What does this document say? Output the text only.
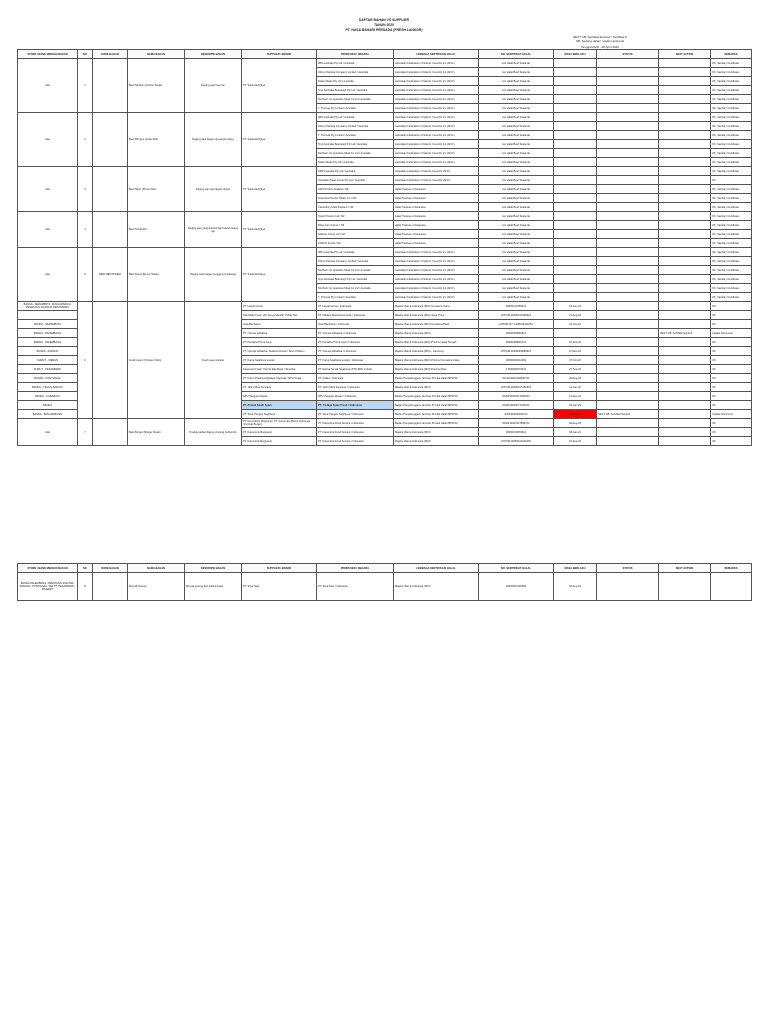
DAFTAR BAHAN VS SUPPLIER
TAHUN 2020
PT. NUSA BAHARI PERSADA (FRESH LANKOR)
NEXT CB: Sertifikat Expired / Sertifikat 5
SB: Sedang dalam / dalam approval
Tanggal Refill : 28 April 2020
STORE / BANK MENGGUNAKAN	NO	KODE BAHAN	NAMA BAHAN	DESKRIPSI BAHAN	SUPPLIER / BRAND	PRODUSEN / NEGARA	LEMBAGA SERTIFIKASI HALAL	NO. SERTIFIKAT HALAL	MASA BERLAKU	STATUS	NEXT ACTION	REMARKS
Ada	1		Beef Striploin (Frozen Steak)	Daging sapi has luar	PT. Sukanda Djaya	JBS Australia Pty Ltd / Australia	Australian Federation of Islamic Councils Inc (AFIC)	List Halal Beef Sukanda				OK, Sanitary Certificate
						Kilcoy Pastoral Company Limited / Australia	Australian Federation of Islamic Councils Inc (AFIC)	List Halal Beef Sukanda				OK, Sanitary Certificate
						Nolan Meats Pty Ltd / Australia	Australian Federation of Islamic Councils Inc (AFIC)	List Halal Beef Sukanda				OK, Sanitary Certificate
						Teys Australia Beenleigh Pty Ltd / Australia	Australian Federation of Islamic Councils Inc (AFIC)	List Halal Beef Sukanda				OK, Sanitary Certificate
						Northern Co-operative Meat Co Ltd / Australia	Australian Federation of Islamic Councils Inc (AFIC)	List Halal Beef Sukanda				OK, Sanitary Certificate
						T. Thomas Pty Limited / Australia	Australian Federation of Islamic Councils Inc (AFIC)	List Halal Beef Sukanda				OK, Sanitary Certificate
Ada	2		Beef Rib Eye (Cube Roll)	Daging sapi bagian iga tanpa tulang	PT. Sukanda Djaya	JBS Australia Pty Ltd / Australia	Australian Federation of Islamic Councils Inc (AFIC)	List Halal Beef Sukanda				OK, Sanitary Certificate
						Kilcoy Pastoral Company Limited / Australia	Australian Federation of Islamic Councils Inc (AFIC)	List Halal Beef Sukanda				OK, Sanitary Certificate
						T. Thomas Pty Limited / Australia	Australian Federation of Islamic Councils Inc (AFIC)	List Halal Beef Sukanda				OK, Sanitary Certificate
						Teys Australia Beenleigh Pty Ltd / Australia	Australian Federation of Islamic Councils Inc (AFIC)	List Halal Beef Sukanda				OK, Sanitary Certificate
						Northern Co-operative Meat Co Ltd / Australia	Australian Federation of Islamic Councils Inc (AFIC)	List Halal Beef Sukanda				OK, Sanitary Certificate
						Nolan Meats Pty Ltd / Australia	Australian Federation of Islamic Councils Inc (AFIC)	List Halal Beef Sukanda				OK, Sanitary Certificate
Ada	3		Beef Short (Prime) Ribs	Daging sapi iga bagian depan	PT. Sukanda Djaya	AMP Australia Pty Ltd / Australia	Australian Federation of Islamic Councils (AFIC)	List Halal Beef Sukanda				OK, Sanitary Certificate
						Australian Meat Group Pty Ltd / Australia	Australian Federation of Islamic Councils (AFIC)	List Halal Beef Sukanda				OK
						AFFCO New Zealand / NZ	Halal Trustees of Aotearoa	List Halal Beef Sukanda				OK, Sanitary Certificate
						Greenlea Premier Meats Co / NZ	Halal Trustees of Aotearoa	List Halal Beef Sukanda				OK, Sanitary Certificate
						Canterbury Meat Packers / NZ	Halal Trustees of Aotearoa	List Halal Beef Sukanda				OK, Sanitary Certificate
Ada	4		Beef Tenderloin	Daging sapi yang diambil dari bawah tulang iga	PT. Sukanda Djaya	Taylor Preston Ltd / NZ	Halal Trustees of Aotearoa	List Halal Beef Sukanda				OK, Sanitary Certificate
						Silver Fern Farms / NZ	Halal Trustees of Aotearoa	List Halal Beef Sukanda				OK, Sanitary Certificate
						Alliance Group Ltd / NZ	Halal Trustees of Aotearoa	List Halal Beef Sukanda				OK, Sanitary Certificate
						ANZCO Foods / NZ	Halal Trustees of Aotearoa	List Halal Beef Sukanda				OK, Sanitary Certificate
Ada	5	NEW MENTIONED	Beef Rump (Rump Steak)	Daging sapi bagian punggung belakang	PT. Sukanda Djaya	JBS Australia Pty Ltd / Australia	Australian Federation of Islamic Councils Inc (AFIC)	List Halal Beef Sukanda				OK, Sanitary Certificate
						Kilcoy Pastoral Company Limited / Australia	Australian Federation of Islamic Councils Inc (AFIC)	List Halal Beef Sukanda				OK, Sanitary Certificate
						Northern Co-operative Meat Co Ltd / Australia	Australian Federation of Islamic Councils Inc (AFIC)	List Halal Beef Sukanda				OK, Sanitary Certificate
						Teys Australia Beenleigh Pty Ltd / Australia	Australian Federation of Islamic Councils Inc (AFIC)	List Halal Beef Sukanda				OK, Sanitary Certificate
						Northern Co-operative Meat Co Ltd / Australia	Australian Federation of Islamic Councils Inc (AFIC)	List Halal Beef Sukanda				OK, Sanitary Certificate
						T. Thomas Pty Limited / Australia	Australian Federation of Islamic Councils Inc (AFIC)	List Halal Beef Sukanda				OK, Sanitary Certificate
BANDA - SERAMBI/TA, SUNGAIPENUH, PEMATANG SIANTAR, PEKANBARU	6		Fresh Ayam (Chicken Parts)	Fresh ayam karkas	PT. Hayati Group	PT. Hayati Group / Indonesia	Majelis Ulama Indonesia (MUI) Sumatera Utara	00060013150614	15-Jan-20			OK
					Alfa Madu Food, UD. Surya Mandiri, Pelita Tani	PT. Madani Nusantara Foods / Indonesia	Majelis Ulama Indonesia (MUI) Jawa Timur	LPPOM-00050109190621	21-Aug-20			OK
BANDA - SERAMBI/TA					Java Bambarra	Java Bambarra / Indonesia	Majelis Ulama Indonesia (MUI) Sumatera Barat	LPPOM (37) 1208044411661	13-Oct-20			OK
BANDA - PALEMBANG					PT. Ciomas Adisatwa	PT. Ciomas Adisatwa / Indonesia	Majelis Ulama Indonesia (MUI)	00060009950614			NEXT CB: Sertifikat Expired	Update Document
BANDA - PALEMBANG					PT. Pentabio Prima Jaya	PT. Pentabio Prima Jaya / Indonesia	Majelis Ulama Indonesia (MUI) Provinsi Jawa Tengah	00060008810714	10-Sep-20			OK
BANDA - PADANG					PT. Ciomas Adisatwa, Seafood House / Bran Chicken	PT. Ciomas Adisatwa / Indonesia	Majelis Ulama Indonesia (MUI) - Lampung	LPPOM-00060006880615	07-Dec-20			OK
SUMUT - MEDAN					PT. Karya Sejahtera Lestari	PT. Karya Sejahtera Lestari / Indonesia	Majelis Ulama Indonesia (MUI) Provinsi Sumatera Utara	02060000214409	27-Oct-20			OK
SUMUT - PEKANBARU					Kapovanti Fresh, Kerinci Eka Raya / Taminha	PT. Rantai Ternak Sejahtera (STS-RPH Lubuk)	Majelis Ulama Indonesia (MUI) Provinsi Riau	17000009370614	27-Sep-20			OK
BANDA - PONTIANAK					PT. Karim Pratama Digdaya, Kapinda / RPH Toraja	PT. Ardian / Indonesia	Badan Penyelenggara Jaminan Produk Halal (BPJPH)	ID14110000128490721	06-Aug-25			OK
BANDA - TEGUH BARATA					PT. Jatim Mitra Kencana	PT. Jatim Mitra Kencana / Indonesia	Majelis Ulama Indonesia (MUI)	LPPOM-00050105450615	14-Jan-20			OK
BANDA - SURABAYA					RPU Panggon Rejeki	RPU Panggon Rejeki / Indonesia	Badan Penyelenggara Jaminan Produk Halal (BPJPH)	ID35210000071050024	13-Dec-24			OK
BANDA					PT. Ahmad Abadi Ayam	PT. Tri Jaya Ayam Fresh / Indonesia	Badan Penyelenggara Jaminan Produk Halal (BPJPH)	ID35210000071150022	06-Jan-25			OK
BANDA - BANJARMASIN					PT. Sinar Pangan Sejahtera	PT. Sinar Pangan Sejahtera / Indonesia	Badan Penyelenggara Jaminan Produk Halal (BPJPH)	ID63460000436120	26-Jul-22	NEXT CB: Sertifikat Expired		Update Document
Ada	7		Beef Burger (Burger Steak)	Produk olahan daging cincang berbumbu	PT. Kemchicks Mugiyanto, PT. Kanemitra Bisnis Indonesia (Combat Burger)	PT. Kanemitra Food Service / Indonesia	Badan Penyelenggara Jaminan Produk Halal (BPJPH)	ID00410000127860722	09-Aug-26			OK
					PT. Kanemitra Mugiyanto	PT. Kanemitra Food Service / Indonesia	Majelis Ulama Indonesia (MUI)	00060010870614	08-Jan-21			OK
					PT. Kanemitra Mugiyanto	PT. Kanemitra Food Service / Indonesia	Majelis Ulama Indonesia (MUI)	LPPOM-00050110130115	10-Sep-20			OK
STORE / BANK MENGGUNAKAN	NO	KODE BAHAN	NAMA BAHAN	DESKRIPSI BAHAN	SUPPLIER / BRAND	PRODUSEN / NEGARA	LEMBAGA SERTIFIKASI HALAL	NO. SERTIFIKAT HALAL	MASA BERLAKU	STATUS	NEXT ACTION	REMARKS
BANDA PALEMBANG, PEMATANG SIANTAR, PADANG, PONTIANAK, SMI PT. PEKANBARU, MANADO	8		Minyak Goreng	Minyak goreng dari kelapa sawit	PT. Sinar Mas	PT. Sinar Mas / Indonesia	Majelis Ulama Indonesia (MUI)	00060007430699	18-Aug-20			
